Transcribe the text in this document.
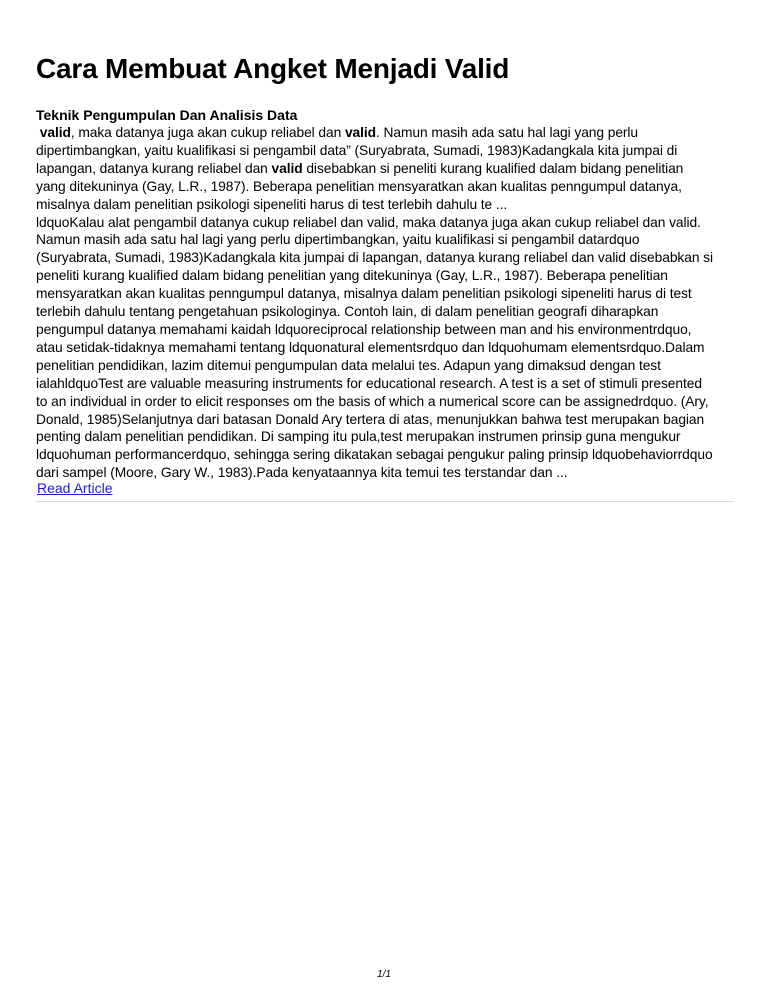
Cara Membuat Angket Menjadi Valid
Teknik Pengumpulan Dan Analisis Data
valid, maka datanya juga akan cukup reliabel dan valid. Namun masih ada satu hal lagi yang perlu
dipertimbangkan, yaitu kualifikasi si pengambil data” (Suryabrata, Sumadi, 1983)Kadangkala kita jumpai di
lapangan, datanya kurang reliabel dan valid disebabkan si peneliti kurang kualified dalam bidang penelitian
yang ditekuninya (Gay, L.R., 1987). Beberapa penelitian mensyaratkan akan kualitas penngumpul datanya,
misalnya dalam penelitian psikologi sipeneliti harus di test terlebih dahulu te ...
ldquoKalau alat pengambil datanya cukup reliabel dan valid, maka datanya juga akan cukup reliabel dan valid.
Namun masih ada satu hal lagi yang perlu dipertimbangkan, yaitu kualifikasi si pengambil datardquo
(Suryabrata, Sumadi, 1983)Kadangkala kita jumpai di lapangan, datanya kurang reliabel dan valid disebabkan si
peneliti kurang kualified dalam bidang penelitian yang ditekuninya (Gay, L.R., 1987). Beberapa penelitian
mensyaratkan akan kualitas penngumpul datanya, misalnya dalam penelitian psikologi sipeneliti harus di test
terlebih dahulu tentang pengetahuan psikologinya. Contoh lain, di dalam penelitian geografi diharapkan
pengumpul datanya memahami kaidah ldquoreciprocal relationship between man and his environmentrdquo,
atau setidak-tidaknya memahami tentang ldquonatural elementsrdquo dan ldquohumam elementsrdquo.Dalam
penelitian pendidikan, lazim ditemui pengumpulan data melalui tes. Adapun yang dimaksud dengan test
ialahldquoTest are valuable measuring instruments for educational research. A test is a set of stimuli presented
to an individual in order to elicit responses om the basis of which a numerical score can be assignedrdquo. (Ary,
Donald, 1985)Selanjutnya dari batasan Donald Ary tertera di atas, menunjukkan bahwa test merupakan bagian
penting dalam penelitian pendidikan. Di samping itu pula,test merupakan instrumen prinsip guna mengukur
ldquohuman performancerdquo, sehingga sering dikatakan sebagai pengukur paling prinsip ldquobehaviorrdquo
dari sampel (Moore, Gary W., 1983).Pada kenyataannya kita temui tes terstandar dan ...
Read Article
1/1
